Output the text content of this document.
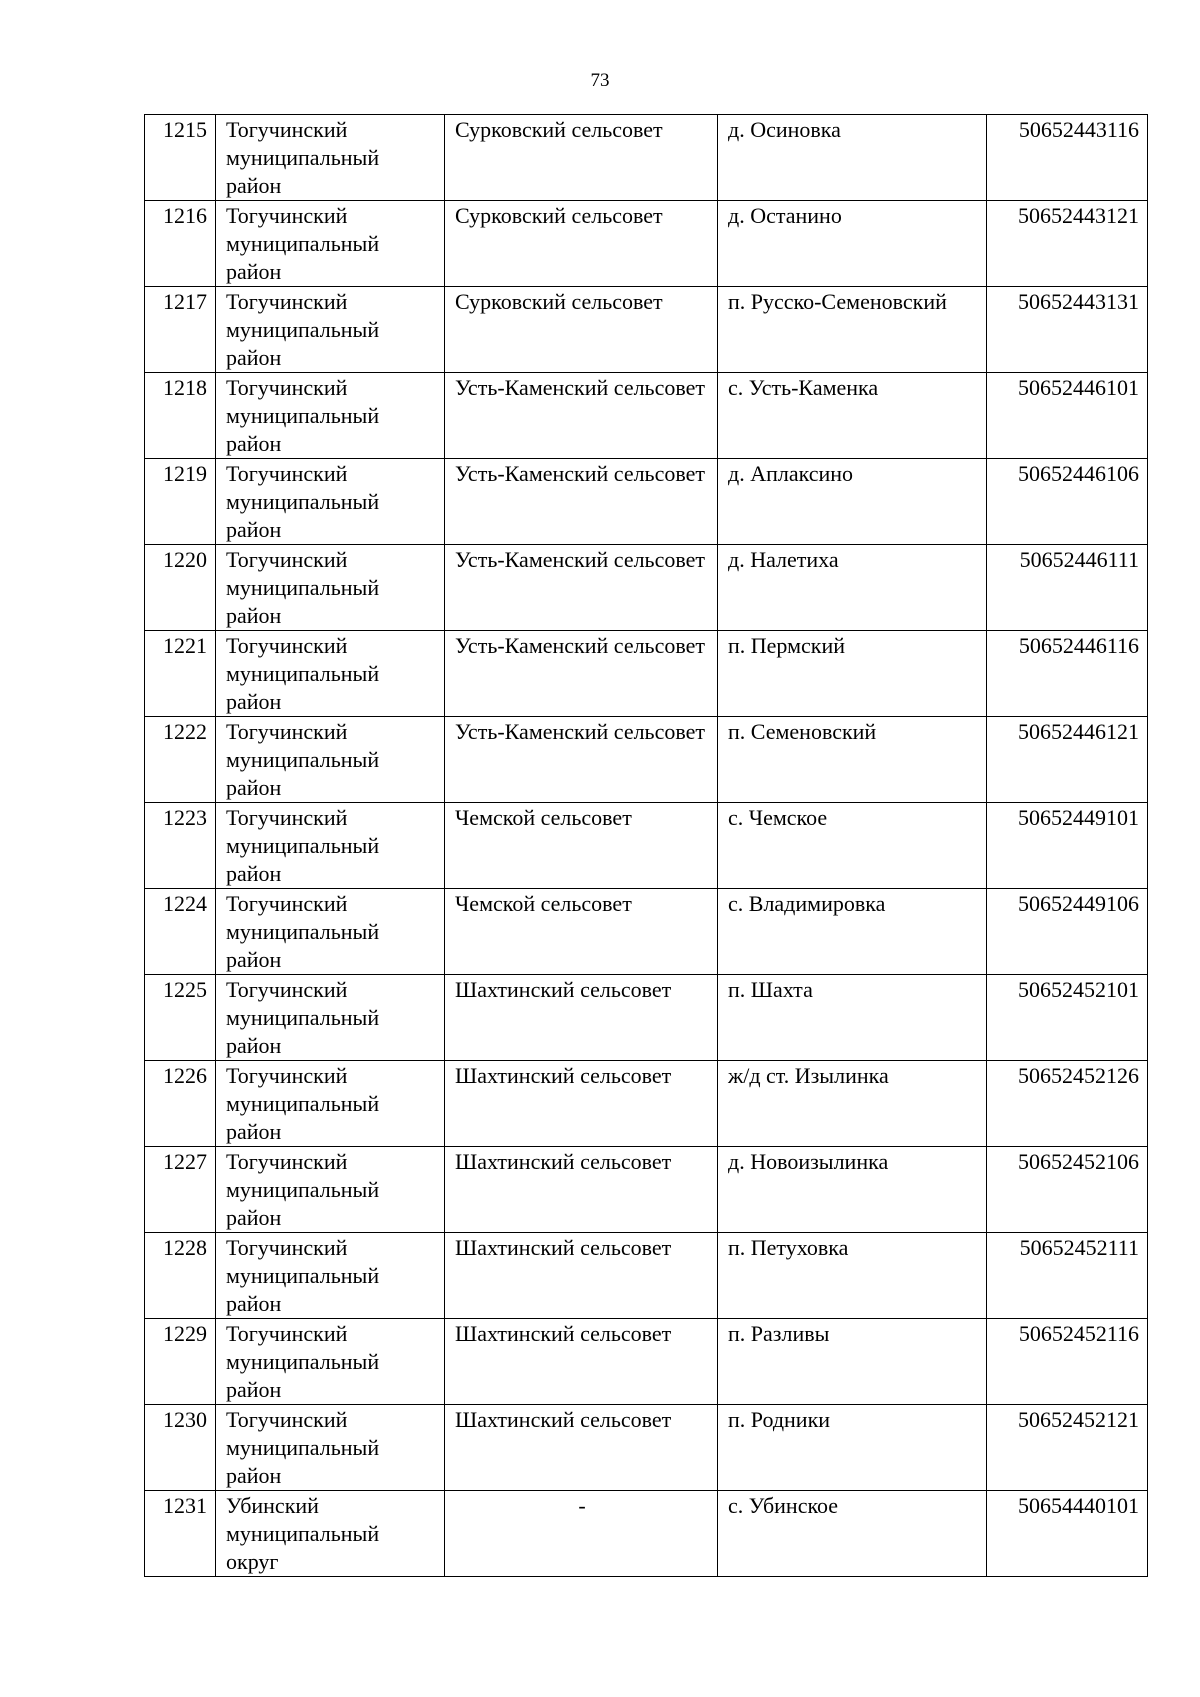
73
1215	Тогучинский муниципальный район	Сурковский сельсовет	д. Осиновка	50652443116
1216	Тогучинский муниципальный район	Сурковский сельсовет	д. Останино	50652443121
1217	Тогучинский муниципальный район	Сурковский сельсовет	п. Русско-Семеновский	50652443131
1218	Тогучинский муниципальный район	Усть-Каменский сельсовет	с. Усть-Каменка	50652446101
1219	Тогучинский муниципальный район	Усть-Каменский сельсовет	д. Аплаксино	50652446106
1220	Тогучинский муниципальный район	Усть-Каменский сельсовет	д. Налетиха	50652446111
1221	Тогучинский муниципальный район	Усть-Каменский сельсовет	п. Пермский	50652446116
1222	Тогучинский муниципальный район	Усть-Каменский сельсовет	п. Семеновский	50652446121
1223	Тогучинский муниципальный район	Чемской сельсовет	с. Чемское	50652449101
1224	Тогучинский муниципальный район	Чемской сельсовет	с. Владимировка	50652449106
1225	Тогучинский муниципальный район	Шахтинский сельсовет	п. Шахта	50652452101
1226	Тогучинский муниципальный район	Шахтинский сельсовет	ж/д ст. Изылинка	50652452126
1227	Тогучинский муниципальный район	Шахтинский сельсовет	д. Новоизылинка	50652452106
1228	Тогучинский муниципальный район	Шахтинский сельсовет	п. Петуховка	50652452111
1229	Тогучинский муниципальный район	Шахтинский сельсовет	п. Разливы	50652452116
1230	Тогучинский муниципальный район	Шахтинский сельсовет	п. Родники	50652452121
1231	Убинский муниципальный округ	-	с. Убинское	50654440101
